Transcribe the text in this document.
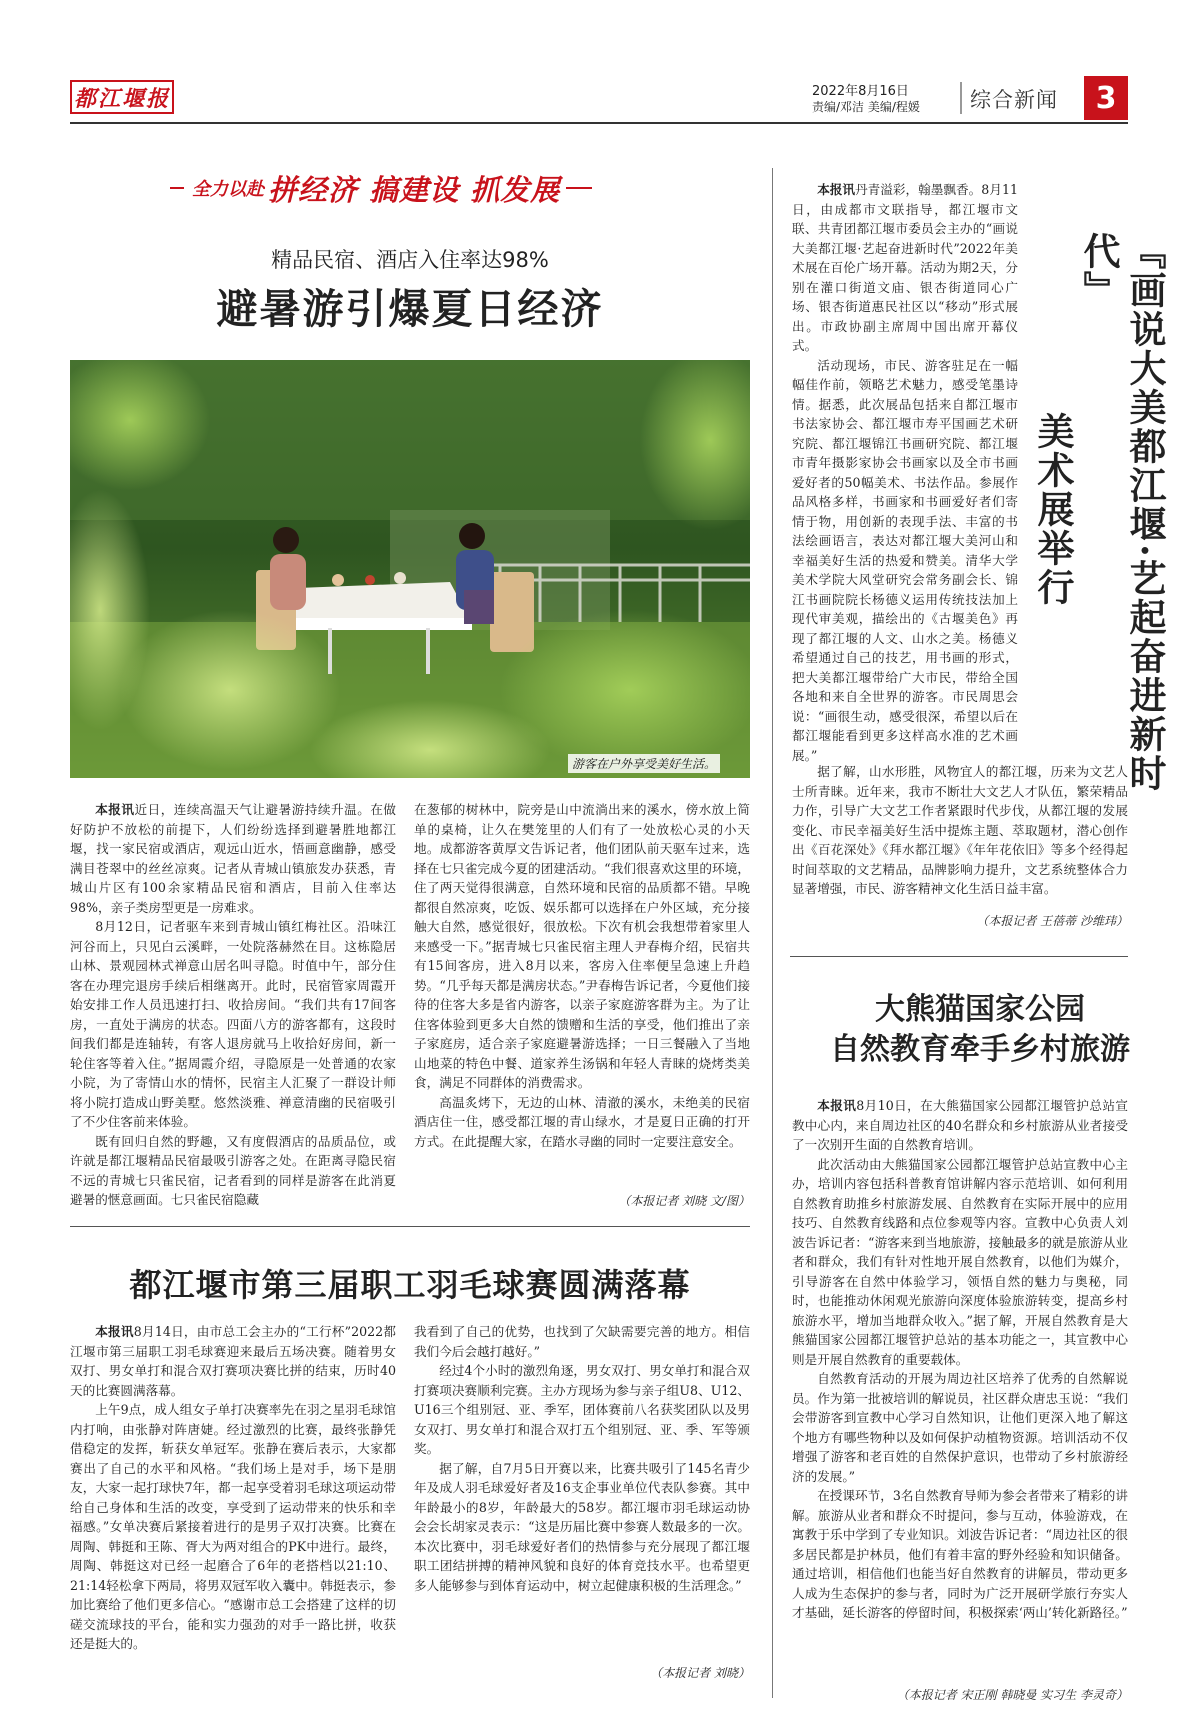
都江堰报	2022年8月16日
责编/邓洁 美编/程媛 综合新闻	3
全力以赴 拼经济 搞建设 抓发展
精品民宿、酒店入住率达98%
避暑游引爆夏日经济
游客在户外享受美好生活。

本报讯近日，连续高温天气让避暑游持续升温。在做好防护不放松的前提下，人们纷纷选择到避暑胜地都江堰，找一家民宿或酒店，观远山近水，悟画意幽静，感受满目苍翠中的丝丝凉爽。记者从青城山镇旅发办获悉，青城山片区有100余家精品民宿和酒店，目前入住率达98%，亲子类房型更是一房难求。

8月12日，记者驱车来到青城山镇红梅社区。沿味江河谷而上，只见白云溪畔，一处院落赫然在目。这栋隐居山林、景观园林式禅意山居名叫寻隐。时值中午，部分住客在办理完退房手续后相继离开。此时，民宿管家周霞开始安排工作人员迅速打扫、收拾房间。“我们共有17间客房，一直处于满房的状态。四面八方的游客都有，这段时间我们都是连轴转，有客人退房就马上收拾好房间，新一轮住客等着入住。”据周霞介绍，寻隐原是一处普通的农家小院，为了寄情山水的情怀，民宿主人汇聚了一群设计师将小院打造成山野美墅。悠然淡雅、禅意清幽的民宿吸引了不少住客前来体验。

既有回归自然的野趣，又有度假酒店的品质品位，或许就是都江堰精品民宿最吸引游客之处。在距离寻隐民宿不远的青城七只雀民宿，记者看到的同样是游客在此消夏避暑的惬意画面。七只雀民宿隐藏

在葱郁的树林中，院旁是山中流淌出来的溪水，傍水放上简单的桌椅，让久在樊笼里的人们有了一处放松心灵的小天地。成都游客黄厚文告诉记者，他们团队前天驱车过来，选择在七只雀完成今夏的团建活动。“我们很喜欢这里的环境，住了两天觉得很满意，自然环境和民宿的品质都不错。早晚都很自然凉爽，吃饭、娱乐都可以选择在户外区域，充分接触大自然，感觉很好，很放松。下次有机会我想带着家里人来感受一下。”据青城七只雀民宿主理人尹春梅介绍，民宿共有15间客房，进入8月以来，客房入住率便呈急速上升趋势。“几乎每天都是满房状态。”尹春梅告诉记者，今夏他们接待的住客大多是省内游客，以亲子家庭游客群为主。为了让住客体验到更多大自然的馈赠和生活的享受，他们推出了亲子家庭房，适合亲子家庭避暑游选择；一日三餐融入了当地山地菜的特色中餐、道家养生汤锅和年轻人青睐的烧烤类美食，满足不同群体的消费需求。

高温炙烤下，无边的山林、清澈的溪水，未绝美的民宿酒店住一住，感受都江堰的青山绿水，才是夏日正确的打开方式。在此提醒大家，在踏水寻幽的同时一定要注意安全。

（本报记者 刘晓 文/图）
都江堰市第三届职工羽毛球赛圆满落幕

本报讯8月14日，由市总工会主办的“工行杯”2022都江堰市第三届职工羽毛球赛迎来最后五场决赛。随着男女双打、男女单打和混合双打赛项决赛比拼的结束，历时40天的比赛圆满落幕。

上午9点，成人组女子单打决赛率先在羽之星羽毛球馆内打响，由张静对阵唐婕。经过激烈的比赛，最终张静凭借稳定的发挥，斩获女单冠军。张静在赛后表示，大家都赛出了自己的水平和风格。“我们场上是对手，场下是朋友，大家一起打球快7年，都一起享受着羽毛球这项运动带给自己身体和生活的改变，享受到了运动带来的快乐和幸福感。”女单决赛后紧接着进行的是男子双打决赛。比赛在周陶、韩挺和王陈、胥大为两对组合的PK中进行。最终，周陶、韩挺这对已经一起磨合了6年的老搭档以21:10、21:14轻松拿下两局，将男双冠军收入囊中。韩挺表示，参加比赛给了他们更多信心。“感谢市总工会搭建了这样的切磋交流球技的平台，能和实力强劲的对手一路比拼，收获还是挺大的。

我看到了自己的优势，也找到了欠缺需要完善的地方。相信我们今后会越打越好。”

经过4个小时的激烈角逐，男女双打、男女单打和混合双打赛项决赛顺利完赛。主办方现场为参与亲子组U8、U12、U16三个组别冠、亚、季军，团体赛前八名获奖团队以及男女双打、男女单打和混合双打五个组别冠、亚、季、军等颁奖。

据了解，自7月5日开赛以来，比赛共吸引了145名青少年及成人羽毛球爱好者及16支企事业单位代表队参赛。其中年龄最小的8岁，年龄最大的58岁。都江堰市羽毛球运动协会会长胡家灵表示：“这是历届比赛中参赛人数最多的一次。本次比赛中，羽毛球爱好者们的热情参与充分展现了都江堰职工团结拼搏的精神风貌和良好的体育竞技水平。也希望更多人能够参与到体育运动中，树立起健康积极的生活理念。”

（本报记者 刘晓）

本报讯丹青溢彩，翰墨飘香。8月11日，由成都市文联指导，都江堰市文联、共青团都江堰市委员会主办的“画说大美都江堰·艺起奋进新时代”2022年美术展在百伦广场开幕。活动为期2天，分别在灌口街道文庙、银杏街道同心广场、银杏街道惠民社区以“移动”形式展出。市政协副主席周中国出席开幕仪式。

活动现场，市民、游客驻足在一幅幅佳作前，领略艺术魅力，感受笔墨诗情。据悉，此次展品包括来自都江堰市书法家协会、都江堰市寿平国画艺术研究院、都江堰锦江书画研究院、都江堰市青年摄影家协会书画家以及全市书画爱好者的50幅美术、书法作品。参展作品风格多样，书画家和书画爱好者们寄情于物，用创新的表现手法、丰富的书法绘画语言，表达对都江堰大美河山和幸福美好生活的热爱和赞美。清华大学美术学院大风堂研究会常务副会长、锦江书画院院长杨德义运用传统技法加上现代审美观，描绘出的《古堰美色》再现了都江堰的人文、山水之美。杨德义希望通过自己的技艺，用书画的形式，把大美都江堰带给广大市民，带给全国各地和来自全世界的游客。市民周思会说：“画很生动，感受很深，希望以后在都江堰能看到更多这样高水准的艺术画展。”

据了解，山水形胜，风物宜人的都江堰，历来为文艺人士所青睐。近年来，我市不断壮大文艺人才队伍，繁荣精品力作，引导广大文艺工作者紧跟时代步伐，从都江堰的发展变化、市民幸福美好生活中提炼主题、萃取题材，潜心创作出《百花深处》《拜水都江堰》《年年花依旧》等多个经得起时间萃取的文艺精品，品牌影响力提升，文艺系统整体合力显著增强，市民、游客精神文化生活日益丰富。

『画说大美都江堰·艺起奋进新时代』
美术展举行
（本报记者 王蓓蒂 沙维玮）
大熊猫国家公园
自然教育牵手乡村旅游

本报讯8月10日，在大熊猫国家公园都江堰管护总站宣教中心内，来自周边社区的40名群众和乡村旅游从业者接受了一次别开生面的自然教育培训。

此次活动由大熊猫国家公园都江堰管护总站宣教中心主办，培训内容包括科普教育馆讲解内容示范培训、如何利用自然教育助推乡村旅游发展、自然教育在实际开展中的应用技巧、自然教育线路和点位参观等内容。宣教中心负责人刘波告诉记者：“游客来到当地旅游，接触最多的就是旅游从业者和群众，我们有针对性地开展自然教育，以他们为媒介，引导游客在自然中体验学习，领悟自然的魅力与奥秘，同时，也能推动休闲观光旅游向深度体验旅游转变，提高乡村旅游水平，增加当地群众收入。”据了解，开展自然教育是大熊猫国家公园都江堰管护总站的基本功能之一，其宣教中心则是开展自然教育的重要载体。

自然教育活动的开展为周边社区培养了优秀的自然解说员。作为第一批被培训的解说员，社区群众唐忠玉说：“我们会带游客到宣教中心学习自然知识，让他们更深入地了解这个地方有哪些物种以及如何保护动植物资源。培训活动不仅增强了游客和老百姓的自然保护意识，也带动了乡村旅游经济的发展。”

在授课环节，3名自然教育导师为参会者带来了精彩的讲解。旅游从业者和群众不时提问，参与互动，体验游戏，在寓教于乐中学到了专业知识。刘波告诉记者：“周边社区的很多居民都是护林员，他们有着丰富的野外经验和知识储备。通过培训，相信他们也能当好自然教育的讲解员，带动更多人成为生态保护的参与者，同时为广泛开展研学旅行夯实人才基础，延长游客的停留时间，积极探索‘两山’转化新路径。”

（本报记者 宋正刚 韩晓曼 实习生 李灵奇）
